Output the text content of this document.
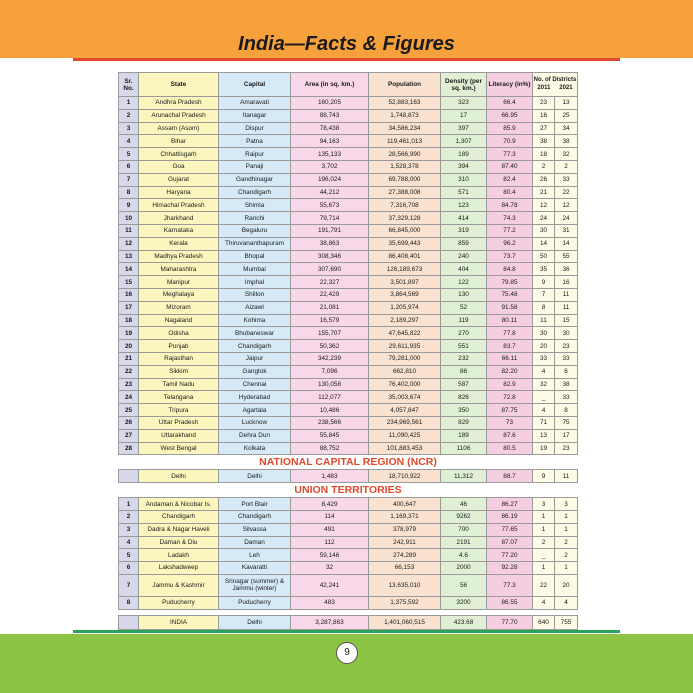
India—Facts & Figures
Sr. No.	State	Capital	Area (in sq. km.)	Population	Density (per sq. km.)	Literacy (in%)	No. of Districts
2011 2021	

1	Andhra Pradesh	Amaravati	160,205	52,883,163	323	66.4	23	13
2	Arunachal Pradesh	Itanagar	88,743	1,748,873	17	66.95	16	25
3	Assam (Asom)	Dispur	78,438	34,586,234	397	85.9	27	34
4	Bihar	Patna	94,163	119,461,013	1,307	70.9	38	38
5	Chhattisgarh	Raipur	135,133	28,566,990	189	77.3	18	32
6	Goa	Panaji	3,702	1,528,378	394	87.40	2	2
7	Gujarat	Gandhinagar	196,024	69,788,000	310	82.4	26	33
8	Haryana	Chandigarh	44,212	27,388,008	571	80.4	21	22
9	Himachal Pradesh	Shimla	55,673	7,316,708	123	84.78	12	12
10	Jharkhand	Ranchi	79,714	37,329,128	414	74.3	24	24
11	Karnataka	Begaluru	191,791	66,845,000	319	77.2	30	31
12	Kerala	Thiruvananthapuram	38,863	35,699,443	859	96.2	14	14
13	Madhya Pradesh	Bhopal	308,346	86,408,401	240	73.7	50	55
14	Maharashtra	Mumbai	307,690	126,189,673	404	84.8	35	36
15	Manipur	Imphal	22,327	3,501,897	122	79.85	9	16
16	Meghalaya	Shillon	22,429	3,864,569	130	75.48	7	11
17	Mizoram	Aizawl	21,081	1,205,974	52	91.58	8	11
18	Nagaland	Kohima	16,579	2,189,297	119	80.11	11	15
19	Odisha	Bhubaneswar	155,707	47,645,822	270	77.8	30	30
20	Punjab	Chandigarh	50,362	29,611,935	551	83.7	20	23
21	Rajasthan	Jaipur	342,239	79,281,000	232	66.11	33	33
22	Sikkim	Gangtok	7,096	662,810	86	82.20	4	6
23	Tamil Nadu	Chennai	130,058	76,402,000	587	82.9	32	38
24	Telangana	Hyderabad	112,077	35,003,674	826	72.8	_	33
25	Tripura	Agartala	10,486	4,057,847	350	87.75	4	8
26	Uttar Pradesh	Lucknow	238,566	234,969,561	829	73	71	75
27	Uttarakhand	Dehra Dun	55,845	11,090,425	189	87.6	13	17
28	West Bengal	Kolkata	88,752	101,883,453	1106	80.5	19	23
NATIONAL CAPITAL REGION (NCR)								
	Delhi	Delhi	1,483	18,710,922	11,312	88.7	9	11
UNION TERRITORIES								
1	Andaman & Nicobar Is.	Port Blair	8,429	400,647	46	86.27	3	3
2	Chandigarh	Chandigarh	114	1,169,371	9262	86.19	1	1
3	Dadra & Nagar Haveli	Silvassa	491	378,979	700	77.65	1	1
4	Daman & Diu	Daman	112	242,911	2191	87.07	2	2
5	Ladakh	Leh	59,146	274,289	4.6	77.20	_	2
6	Lakshadweep	Kavaratti	32	66,153	2000	92.28	1	1
7	Jammu & Kashmir	Srinagar (summer) & Jammu (winter)	42,241	13,635,010	56	77.3	22	20
8	Puducherry	Puducherry	483	1,375,592	3200	86.55	4	4

	INDIA	Delhi	3,287,863	1,401,060,515	423.68	77.70	640	755
9
